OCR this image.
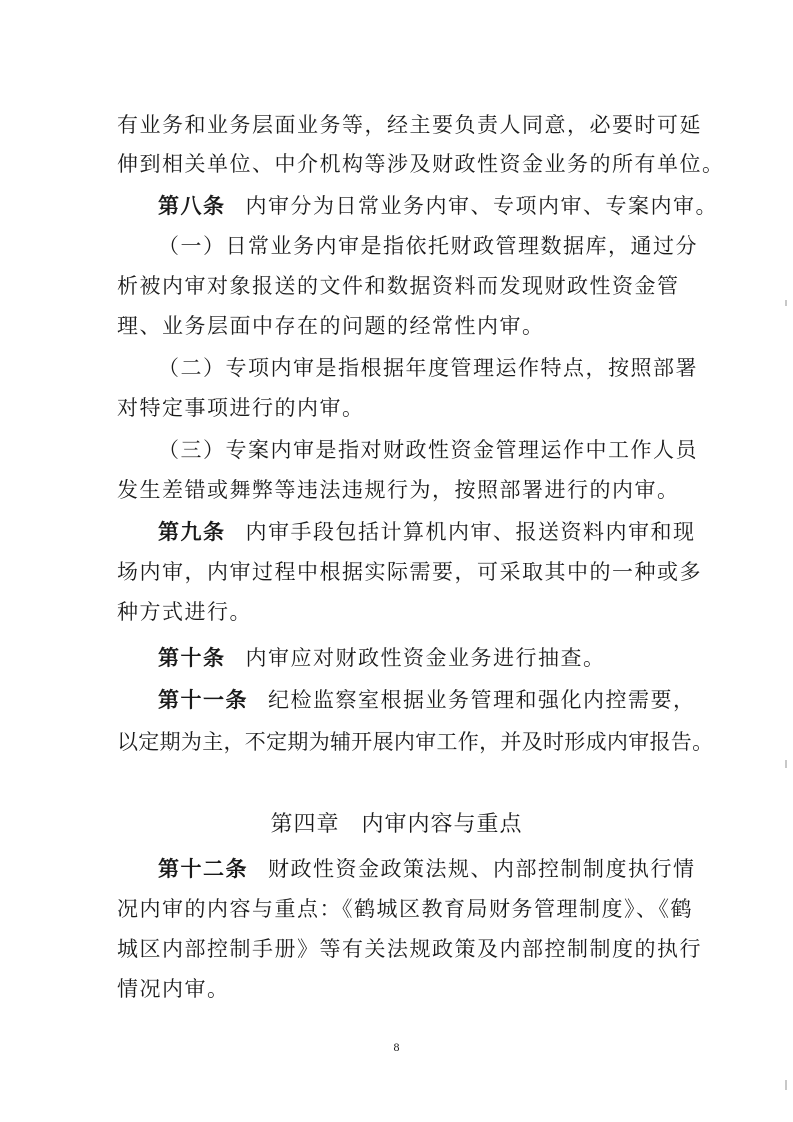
有业务和业务层面业务等，经主要负责人同意，必要时可延
伸到相关单位、中介机构等涉及财政性资金业务的所有单位。
第八条 内审分为日常业务内审、专项内审、专案内审。
（一）日常业务内审是指依托财政管理数据库，通过分
析被内审对象报送的文件和数据资料而发现财政性资金管
理、业务层面中存在的问题的经常性内审。
（二）专项内审是指根据年度管理运作特点，按照部署
对特定事项进行的内审。
（三）专案内审是指对财政性资金管理运作中工作人员
发生差错或舞弊等违法违规行为，按照部署进行的内审。
第九条 内审手段包括计算机内审、报送资料内审和现
场内审，内审过程中根据实际需要，可采取其中的一种或多
种方式进行。
第十条 内审应对财政性资金业务进行抽查。
第十一条 纪检监察室根据业务管理和强化内控需要，
以定期为主，不定期为辅开展内审工作，并及时形成内审报告。
第四章 内审内容与重点
第十二条 财政性资金政策法规、内部控制制度执行情
况内审的内容与重点：《鹤城区教育局财务管理制度》、《鹤
城区内部控制手册》等有关法规政策及内部控制制度的执行
情况内审。
8
